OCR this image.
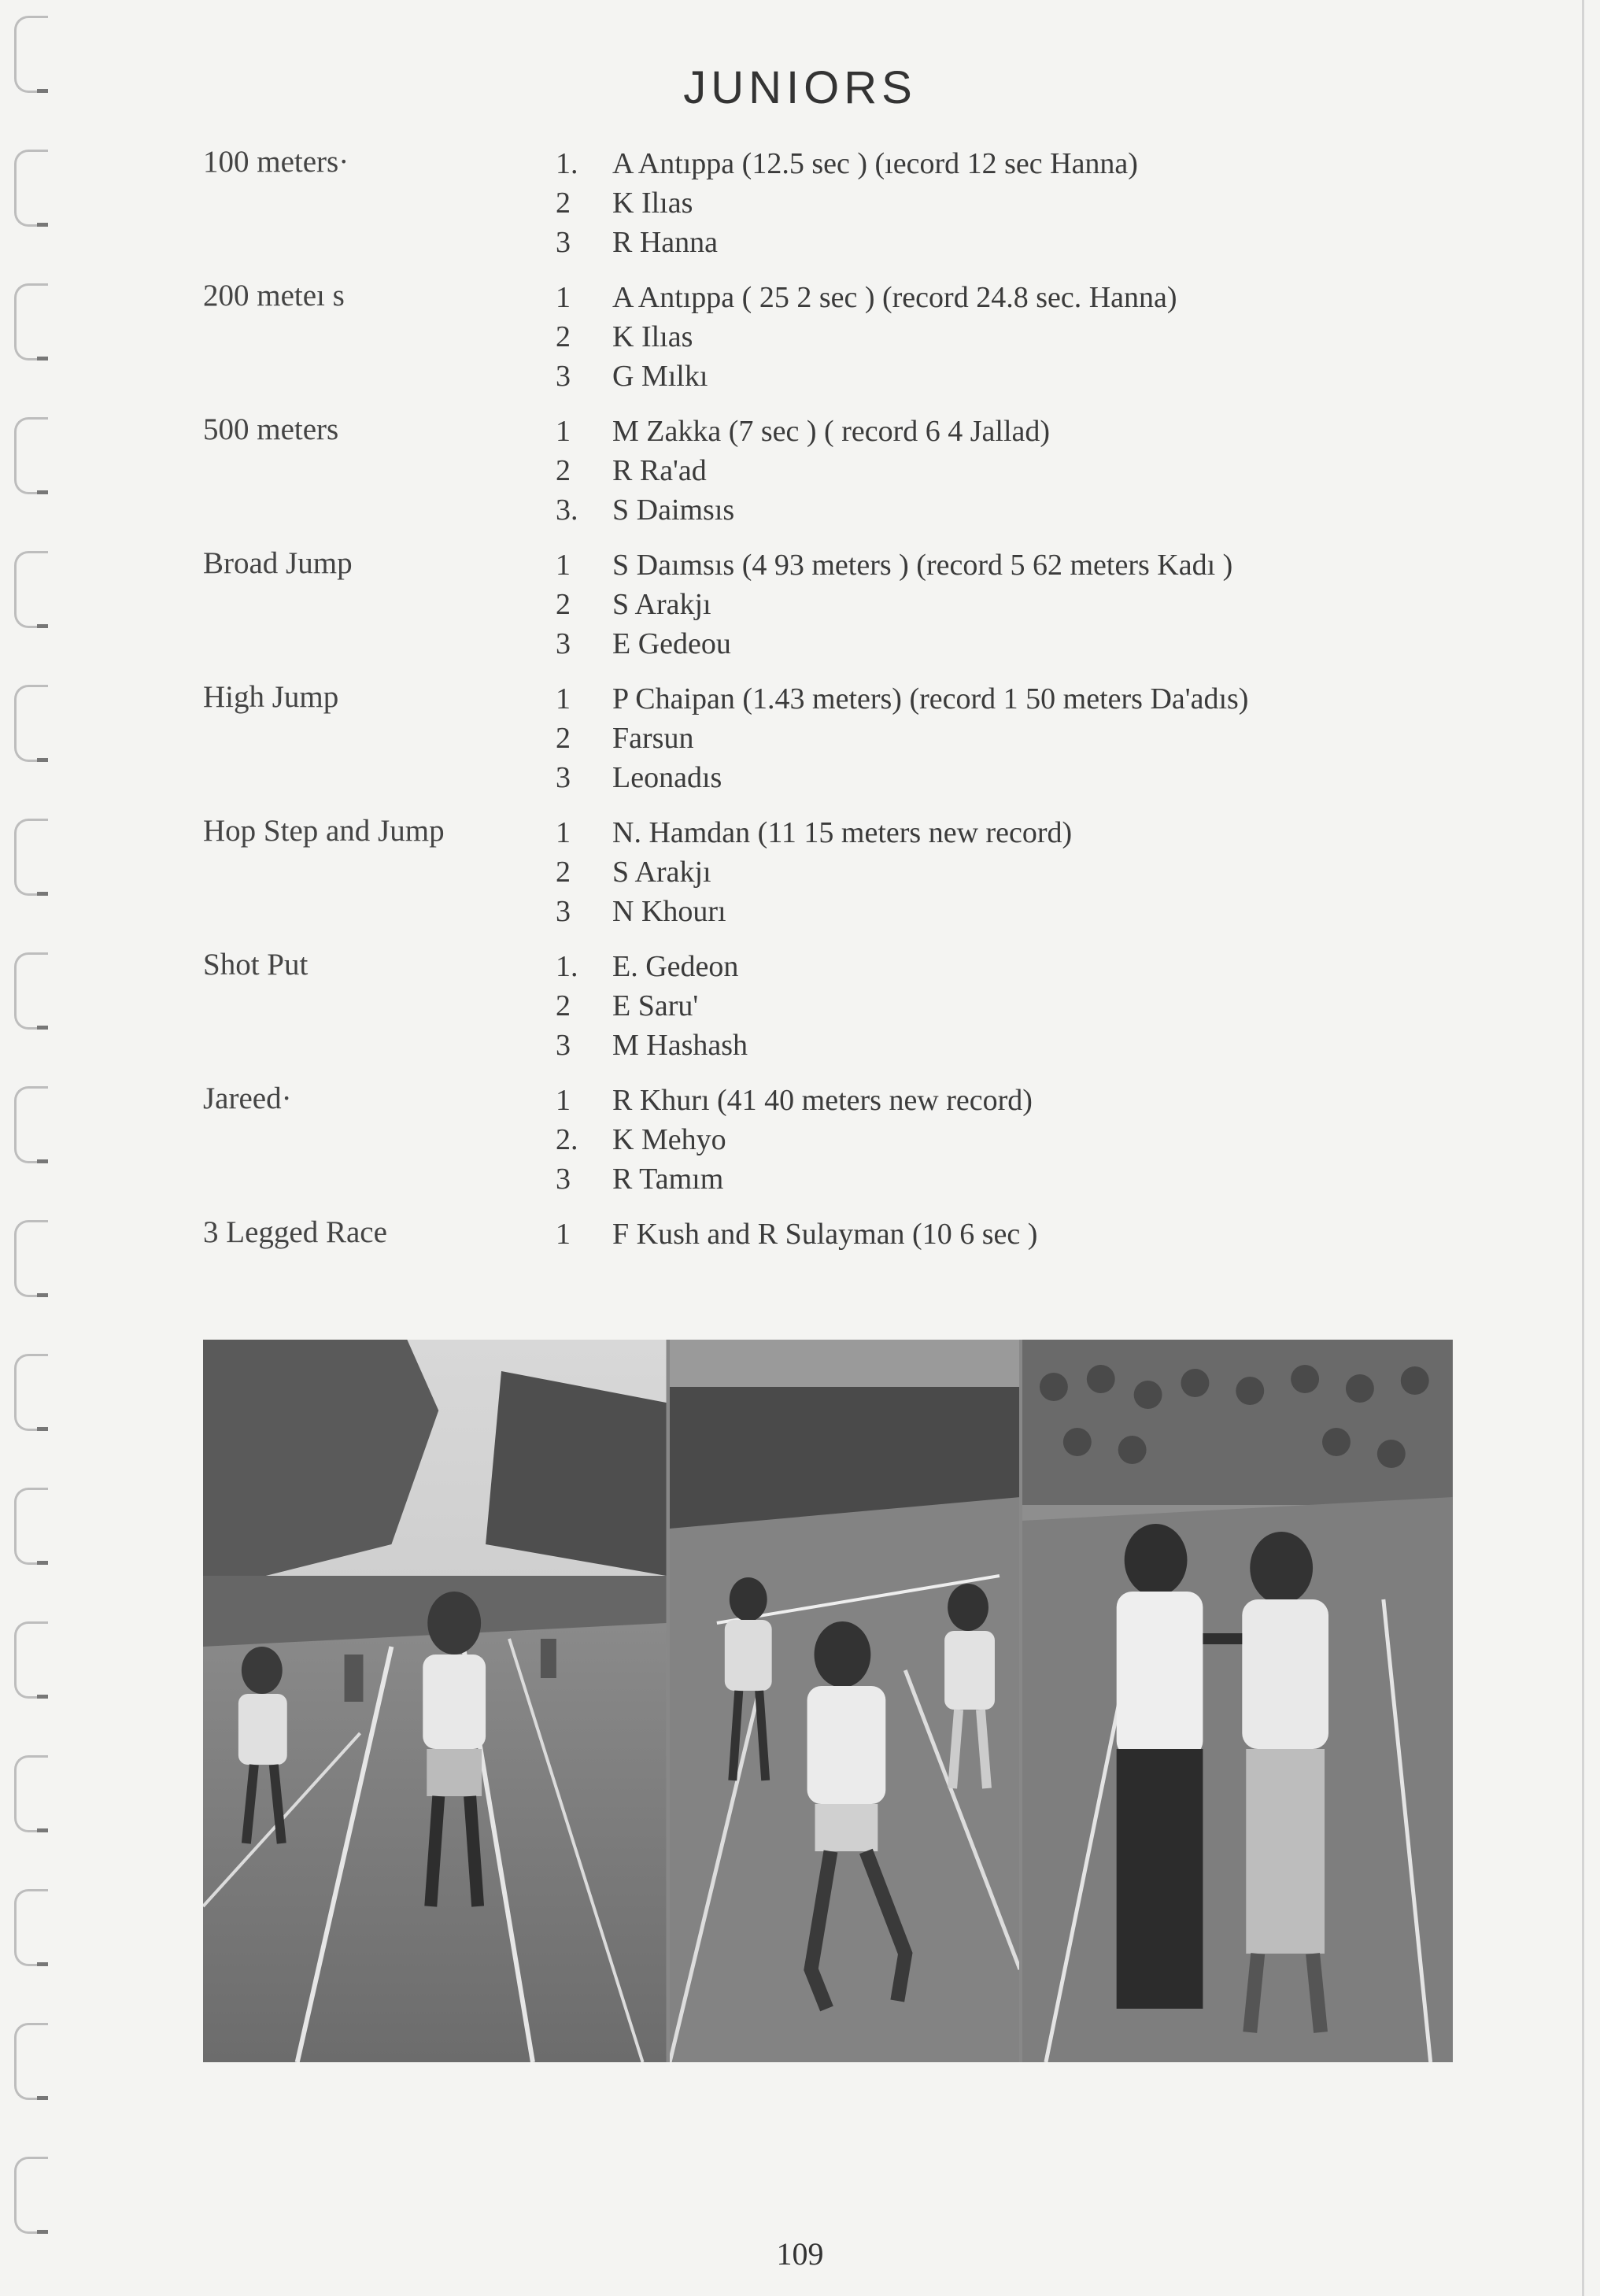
JUNIORS
100 meters·	1. A Antıppa (12.5 sec ) (ıecord 12 sec Hanna)
2 K Ilıas
3 R Hanna
200 meteı s	1 A Antıppa ( 25 2 sec ) (record 24.8 sec. Hanna)
2 K Ilıas
3 G Mılkı
500 meters	1 M Zakka (7 sec ) ( record 6 4 Jallad)
2 R Ra'ad
3. S Daimsıs
Broad Jump	1 S Daımsıs (4 93 meters ) (record 5 62 meters Kadı )
2 S Arakjı
3 E Gedeou
High Jump	1 P Chaipan (1.43 meters) (record 1 50 meters Da'adıs)
2 Farsun
3 Leonadıs
Hop Step and Jump	1 N. Hamdan (11 15 meters new record)
2 S Arakjı
3 N Khourı
Shot Put	1. E. Gedeon
2 E Saru'
3 M Hashash
Jareed·	1 R Khurı (41 40 meters new record)
2. K Mehyo
3 R Tamım
3 Legged Race	1 F Kush and R Sulayman (10 6 sec )
109
